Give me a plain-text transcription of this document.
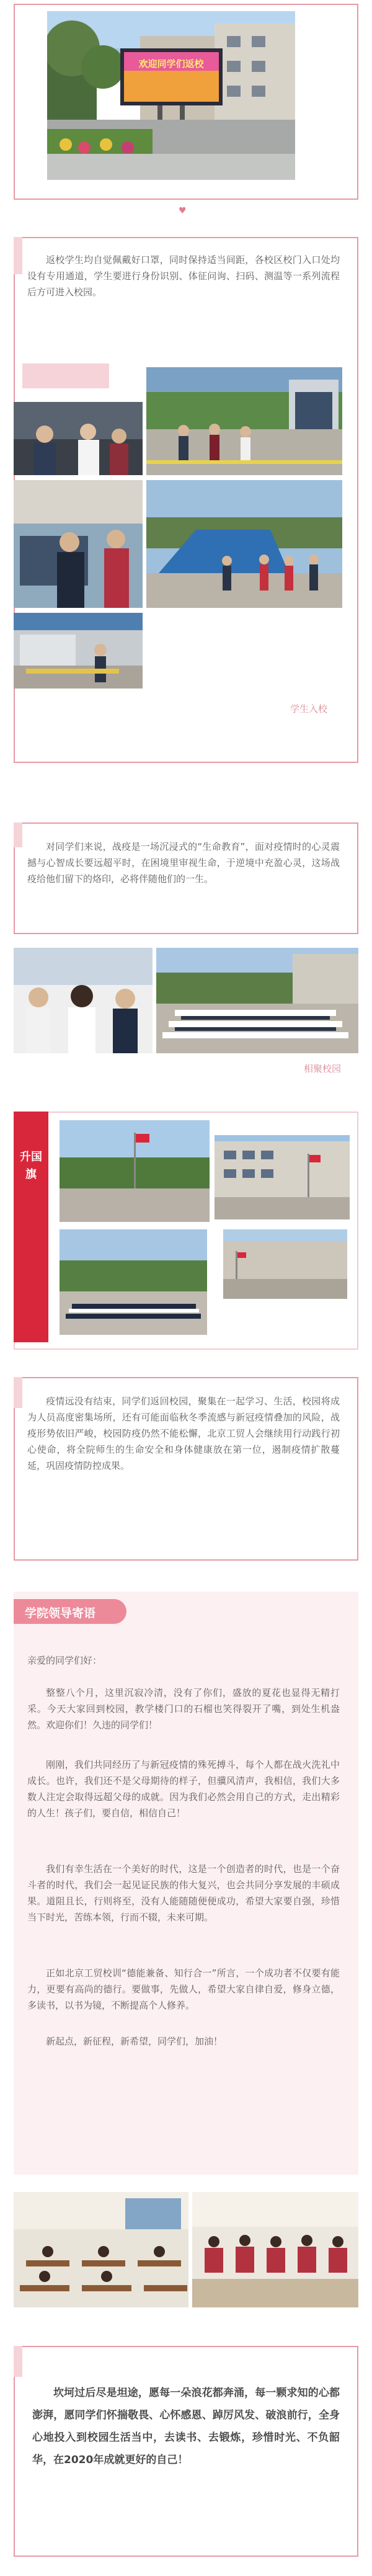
欢迎同学们返校
♥
返校学生均自觉佩戴好口罩，同时保持适当间距，各校区校门入口处均设有专用通道，学生要进行身份识别、体征问询、扫码、测温等一系列流程后方可进入校园。
学生入校
对同学们来说，战疫是一场沉浸式的“生命教育”，面对疫情时的心灵震撼与心智成长要远超平时，在困境里审视生命，于逆境中充盈心灵，这场战疫给他们留下的烙印，必将伴随他们的一生。
相聚校园
升国旗
疫情远没有结束，同学们返回校园，聚集在一起学习、生活，校园将成为人员高度密集场所，还有可能面临秋冬季流感与新冠疫情叠加的风险，战疫形势依旧严峻，校园防疫仍然不能松懈，北京工贸人会继续用行动践行初心使命，将全院师生的生命安全和身体健康放在第一位，遏制疫情扩散蔓延，巩固疫情防控成果。
学院领导寄语
亲爱的同学们好：
整整八个月，这里沉寂冷清，没有了你们，盛放的夏花也显得无精打采。今天大家回到校园，教学楼门口的石榴也笑得裂开了嘴，到处生机盎然。欢迎你们！久违的同学们！
刚刚，我们共同经历了与新冠疫情的殊死搏斗，每个人都在战火洗礼中成长。也许，我们还不是父母期待的样子，但骥风清声，我相信，我们大多数人注定会取得远超父母的成就。因为我们必然会用自己的方式，走出精彩的人生！孩子们，要自信，相信自己！
我们有幸生活在一个美好的时代，这是一个创造者的时代，也是一个奋斗者的时代，我们会一起见证民族的伟大复兴，也会共同分享发展的丰硕成果。道阻且长，行则将至，没有人能随随便便成功，希望大家要自强，珍惜当下时光，苦练本领，行而不辍，未来可期。
正如北京工贸校训“德能兼备、知行合一”所言，一个成功者不仅要有能力，更要有高尚的德行。要做事，先做人，希望大家自律自爱，修身立德，多读书，以书为镜，不断提高个人修养。
新起点，新征程，新希望，同学们，加油！
坎坷过后尽是坦途，愿每一朵浪花都奔涌，每一颗求知的心都澎湃，愿同学们怀揣敬畏、心怀感恩、踔厉风发、破浪前行，全身心地投入到校园生活当中，去读书、去锻炼，珍惜时光、不负韶华，在2020年成就更好的自己！
